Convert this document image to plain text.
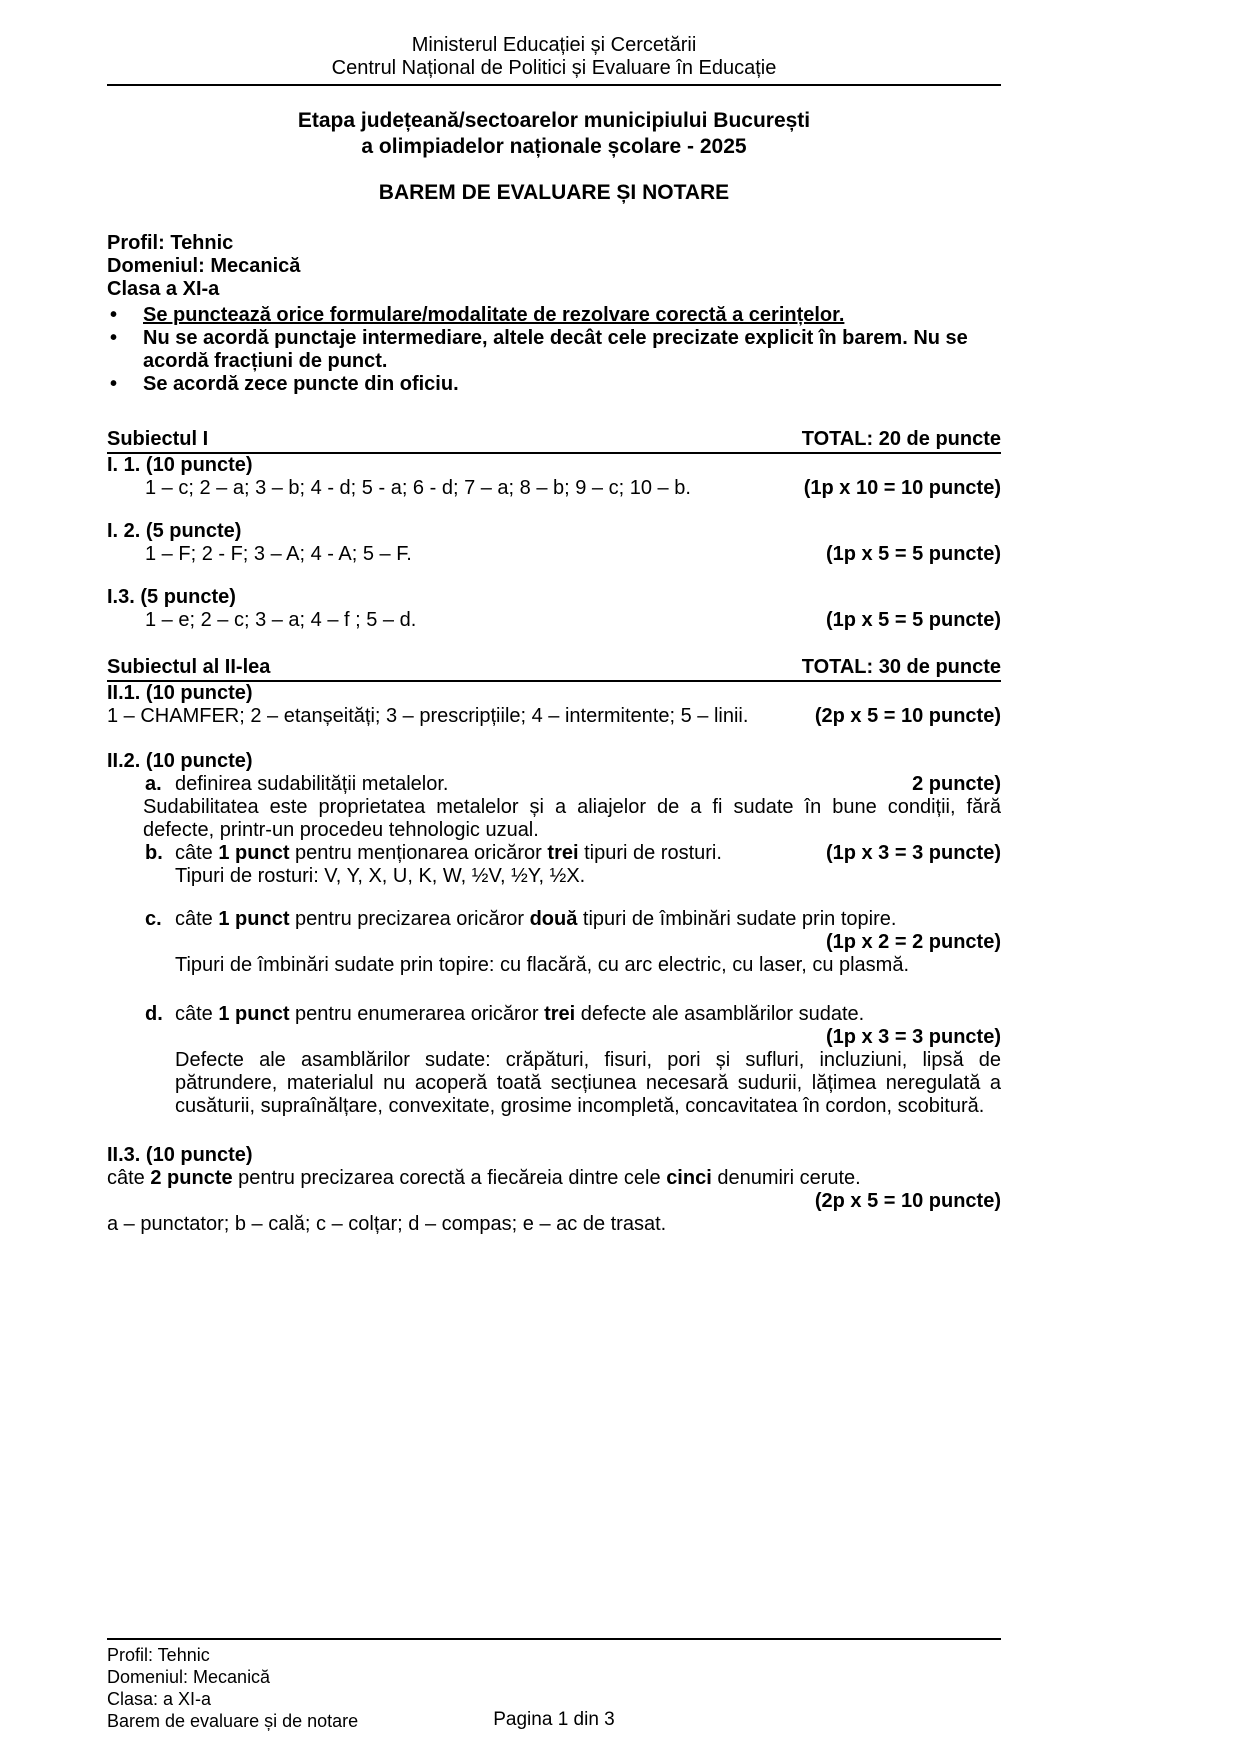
Ministerul Educației și Cercetării
Centrul Național de Politici și Evaluare în Educație
Etapa județeană/sectoarelor municipiului București
a olimpiadelor naționale școlare - 2025
BAREM DE EVALUARE ȘI NOTARE
Profil: Tehnic
Domeniul: Mecanică
Clasa a XI-a
• Se punctează orice formulare/modalitate de rezolvare corectă a cerințelor.
• Nu se acordă punctaje intermediare, altele decât cele precizate explicit în barem. Nu se acordă fracțiuni de punct.
• Se acordă zece puncte din oficiu.
Subiectul I	TOTAL: 20 de puncte
I. 1. (10 puncte)
1 – c; 2 – a; 3 – b; 4 - d; 5 - a; 6 - d; 7 – a; 8 – b; 9 – c; 10 – b.	(1p x 10 = 10 puncte)
I. 2. (5 puncte)
1 – F; 2 - F; 3 – A; 4 - A; 5 – F.	(1p x 5 = 5 puncte)
I.3. (5 puncte)
1 – e; 2 – c; 3 – a; 4 – f ; 5 – d.	(1p x 5 = 5 puncte)
Subiectul al II-lea	TOTAL: 30 de puncte
II.1. (10 puncte)
1 – CHAMFER; 2 – etanșeități; 3 – prescripțiile; 4 – intermitente; 5 – linii.	(2p x 5 = 10 puncte)
II.2. (10 puncte)
a. definirea sudabilității metalelor.	2 puncte)
Sudabilitatea este proprietatea metalelor și a aliajelor de a fi sudate în bune condiții, fără defecte, printr-un procedeu tehnologic uzual.
b. câte 1 punct pentru menționarea oricăror trei tipuri de rosturi.	(1p x 3 = 3 puncte)
Tipuri de rosturi: V, Y, X, U, K, W, ½V, ½Y, ½X.
c. câte 1 punct pentru precizarea oricăror două tipuri de îmbinări sudate prin topire.
(1p x 2 = 2 puncte)
Tipuri de îmbinări sudate prin topire: cu flacără, cu arc electric, cu laser, cu plasmă.
d. câte 1 punct pentru enumerarea oricăror trei defecte ale asamblărilor sudate.
(1p x 3 = 3 puncte)
Defecte ale asamblărilor sudate: crăpături, fisuri, pori și sufluri, incluziuni, lipsă de pătrundere, materialul nu acoperă toată secțiunea necesară sudurii, lățimea neregulată a cusăturii, supraînălțare, convexitate, grosime incompletă, concavitatea în cordon, scobitură.
II.3. (10 puncte)
câte 2 puncte pentru precizarea corectă a fiecăreia dintre cele cinci denumiri cerute.
(2p x 5 = 10 puncte)
a – punctator; b – cală; c – colțar; d – compas; e – ac de trasat.
Profil: Tehnic
Domeniul: Mecanică
Clasa: a XI-a
Barem de evaluare și de notare	Pagina 1 din 3
